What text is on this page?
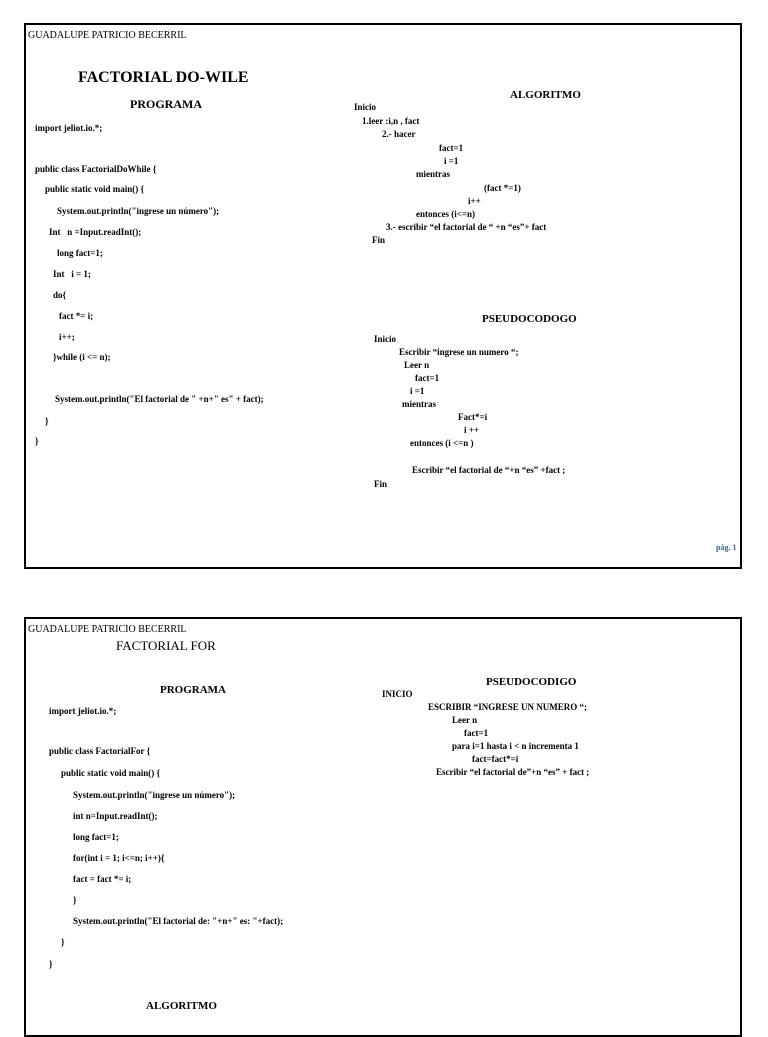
GUADALUPE PATRICIO BECERRIL
FACTORIAL DO-WILE
PROGRAMA
import jeliot.io.*;
public class FactorialDoWhile {
public static void main() {
System.out.println("ingrese un número");
Int   n =Input.readInt();
long fact=1;
Int   i = 1;
do{
fact *= i;
i++;
}while (i <= n);
System.out.println("El factorial de " +n+" es" + fact);
}
}
ALGORITMO
Inicio
1.leer :i,n , fact
2.- hacer
fact=1
i =1
mientras
(fact *=1)
i++
entonces (i<=n)
3.- escribir “el factorial de “ +n “es”+ fact
Fin
PSEUDOCODOGO
Inicio
Escribir “ingrese un numero “;
Leer n
fact=1
i =1
mientras
Fact*=i
i ++
entonces (i <=n )
Escribir “el factorial de “+n “es” +fact ;
Fin
pág. 1
GUADALUPE PATRICIO BECERRIL
FACTORIAL FOR
PROGRAMA
import jeliot.io.*;
public class FactorialFor {
public static void main() {
System.out.println("ingrese un número");
int n=Input.readInt();
long fact=1;
for(int i = 1; i<=n; i++){
fact = fact *= i;
}
System.out.println("El factorial de: "+n+" es: "+fact);
}
}
PSEUDOCODIGO
INICIO
ESCRIBIR “INGRESE UN NUMERO “;
Leer n
fact=1
para i=1 hasta i < n incrementa 1
fact=fact*=i
Escribir “el factorial de”+n “es” + fact ;
ALGORITMO
